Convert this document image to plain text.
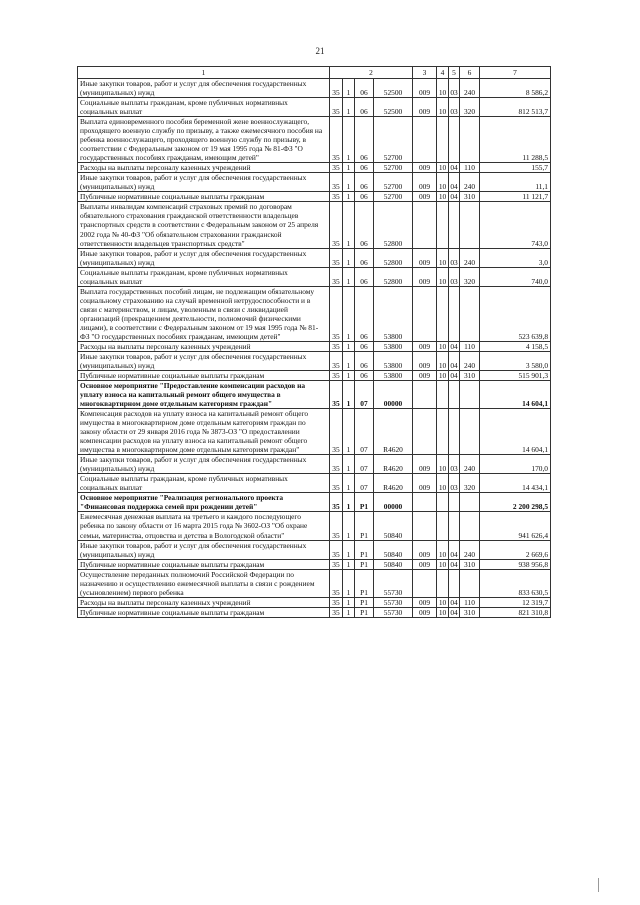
21
1	2				3	4	5	6	7
Иные закупки товаров, работ и услуг для обеспечения государственных (муниципальных) нужд	35	1	06	52500	009	10	03	240	8 586,2
Социальные выплаты гражданам, кроме публичных нормативных социальных выплат	35	1	06	52500	009	10	03	320	812 513,7
Выплата единовременного пособия беременной жене военнослужащего, проходящего военную службу по призыву, а также ежемесячного пособия на ребенка военнослужащего, проходящего военную службу по призыву, в соответствии с Федеральным законом от 19 мая 1995 года № 81-ФЗ "О государственных пособиях гражданам, имеющим детей"	35	1	06	52700					11 288,5
Расходы на выплаты персоналу казенных учреждений	35	1	06	52700	009	10	04	110	155,7
Иные закупки товаров, работ и услуг для обеспечения государственных (муниципальных) нужд	35	1	06	52700	009	10	04	240	11,1
Публичные нормативные социальные выплаты гражданам	35	1	06	52700	009	10	04	310	11 121,7
Выплаты инвалидам компенсаций страховых премий по договорам обязательного страхования гражданской ответственности владельцев транспортных средств в соответствии с Федеральным законом от 25 апреля 2002 года № 40-ФЗ "Об обязательном страховании гражданской ответственности владельцев транспортных средств"	35	1	06	52800					743,0
Иные закупки товаров, работ и услуг для обеспечения государственных (муниципальных) нужд	35	1	06	52800	009	10	03	240	3,0
Социальные выплаты гражданам, кроме публичных нормативных социальных выплат	35	1	06	52800	009	10	03	320	740,0
Выплата государственных пособий лицам, не подлежащим обязательному социальному страхованию на случай временной нетрудоспособности и в связи с материнством, и лицам, уволенным в связи с ликвидацией организаций (прекращением деятельности, полномочий физическими лицами), в соответствии с Федеральным законом от 19 мая 1995 года № 81-ФЗ "О государственных пособиях гражданам, имеющим детей"	35	1	06	53800					523 639,8
Расходы на выплаты персоналу казенных учреждений	35	1	06	53800	009	10	04	110	4 158,5
Иные закупки товаров, работ и услуг для обеспечения государственных (муниципальных) нужд	35	1	06	53800	009	10	04	240	3 580,0
Публичные нормативные социальные выплаты гражданам	35	1	06	53800	009	10	04	310	515 901,3
Основное мероприятие "Предоставление компенсации расходов на уплату взноса на капитальный ремонт общего имущества в многоквартирном доме отдельным категориям граждан"	35	1	07	00000					14 604,1
Компенсация расходов на уплату взноса на капитальный ремонт общего имущества в многоквартирном доме отдельным категориям граждан по закону области от 29 января 2016 года № 3873-ОЗ "О предоставлении компенсации расходов на уплату взноса на капитальный ремонт общего имущества в многоквартирном доме отдельным категориям граждан"	35	1	07	R4620					14 604,1
Иные закупки товаров, работ и услуг для обеспечения государственных (муниципальных) нужд	35	1	07	R4620	009	10	03	240	170,0
Социальные выплаты гражданам, кроме публичных нормативных социальных выплат	35	1	07	R4620	009	10	03	320	14 434,1
Основное мероприятие "Реализация регионального проекта "Финансовая поддержка семей при рождении детей"	35	1	P1	00000					2 200 298,5
Ежемесячная денежная выплата на третьего и каждого последующего ребенка по закону области от 16 марта 2015 года № 3602-ОЗ "Об охране семьи, материнства, отцовства и детства в Вологодской области"	35	1	P1	50840					941 626,4
Иные закупки товаров, работ и услуг для обеспечения государственных (муниципальных) нужд	35	1	P1	50840	009	10	04	240	2 669,6
Публичные нормативные социальные выплаты гражданам	35	1	P1	50840	009	10	04	310	938 956,8
Осуществление переданных полномочий Российской Федерации по назначению и осуществлению ежемесячной выплаты в связи с рождением (усыновлением) первого ребенка	35	1	P1	55730					833 630,5
Расходы на выплаты персоналу казенных учреждений	35	1	P1	55730	009	10	04	110	12 319,7
Публичные нормативные социальные выплаты гражданам	35	1	P1	55730	009	10	04	310	821 310,8
